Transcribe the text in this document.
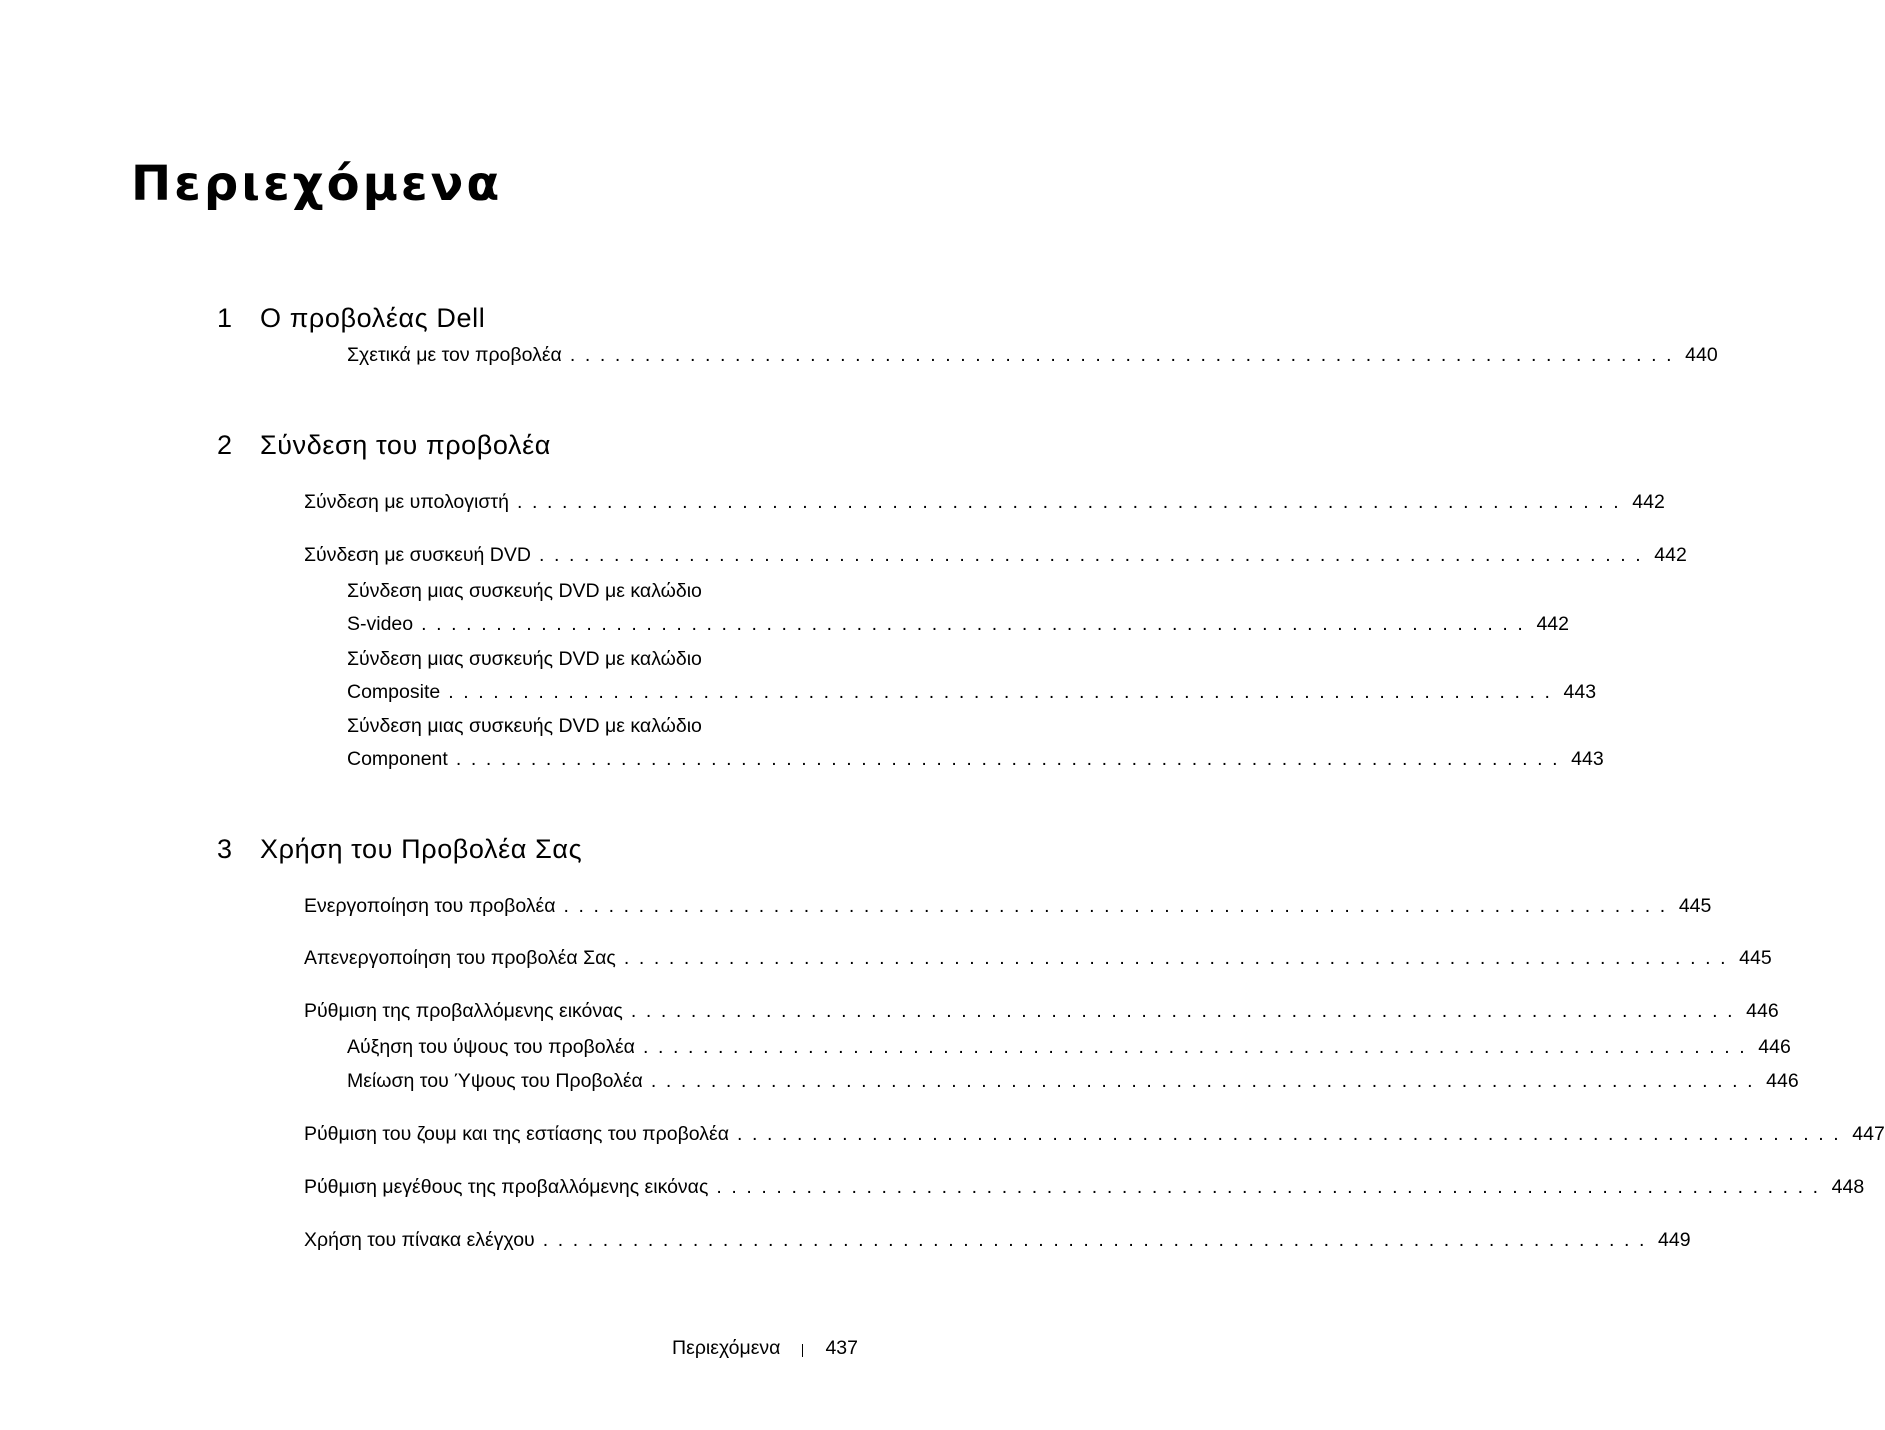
Περιεχόμενα
1 Ο προβολέας Dell
Σχετικά με τον προβολέα .......................................................................... 440
2 Σύνδεση του προβολέα
Σύνδεση με υπολογιστή .......................................................................... 442
Σύνδεση με συσκευή DVD .......................................................................... 442
Σύνδεση μιας συσκευής DVD με καλώδιο
S-video .......................................................................... 442
Σύνδεση μιας συσκευής DVD με καλώδιο
Composite .......................................................................... 443
Σύνδεση μιας συσκευής DVD με καλώδιο
Component .......................................................................... 443
3 Χρήση του Προβολέα Σας
Ενεργοποίηση του προβολέα .......................................................................... 445
Απενεργοποίηση του προβολέα Σας .......................................................................... 445
Ρύθμιση της προβαλλόμενης εικόνας .......................................................................... 446
Αύξηση του ύψους του προβολέα .......................................................................... 446
Μείωση του Ύψους του Προβολέα .......................................................................... 446
Ρύθμιση του ζουμ και της εστίασης του προβολέα .......................................................................... 447
Ρύθμιση μεγέθους της προβαλλόμενης εικόνας .......................................................................... 448
Χρήση του πίνακα ελέγχου .......................................................................... 449
Περιεχόμενα 437
